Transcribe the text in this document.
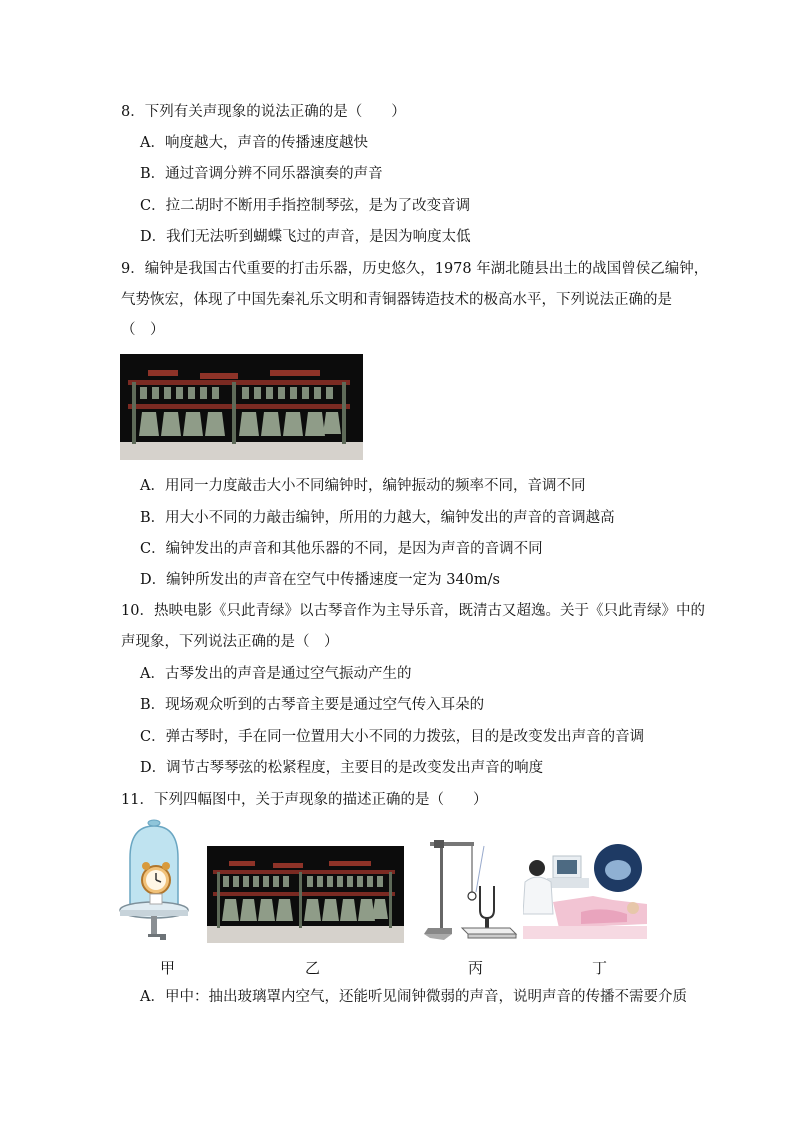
8．下列有关声现象的说法正确的是（　　）
A．响度越大，声音的传播速度越快
B．通过音调分辨不同乐器演奏的声音
C．拉二胡时不断用手指控制琴弦，是为了改变音调
D．我们无法听到蝴蝶飞过的声音，是因为响度太低
9．编钟是我国古代重要的打击乐器，历史悠久，1978 年湖北随县出土的战国曾侯乙编钟，
气势恢宏，体现了中国先秦礼乐文明和青铜器铸造技术的极高水平，下列说法正确的是
（　）
A．用同一力度敲击大小不同编钟时，编钟振动的频率不同，音调不同
B．用大小不同的力敲击编钟，所用的力越大，编钟发出的声音的音调越高
C．编钟发出的声音和其他乐器的不同，是因为声音的音调不同
D．编钟所发出的声音在空气中传播速度一定为 340m/s
10．热映电影《只此青绿》以古琴音作为主导乐音，既清古又超逸。关于《只此青绿》中的
声现象，下列说法正确的是（　）
A．古琴发出的声音是通过空气振动产生的
B．现场观众听到的古琴音主要是通过空气传入耳朵的
C．弹古琴时，手在同一位置用大小不同的力拨弦，目的是改变发出声音的音调
D．调节古琴琴弦的松紧程度，主要目的是改变发出声音的响度
11．下列四幅图中，关于声现象的描述正确的是（　　）
甲	乙	丙	丁
A．甲中：抽出玻璃罩内空气，还能听见闹钟微弱的声音，说明声音的传播不需要介质
